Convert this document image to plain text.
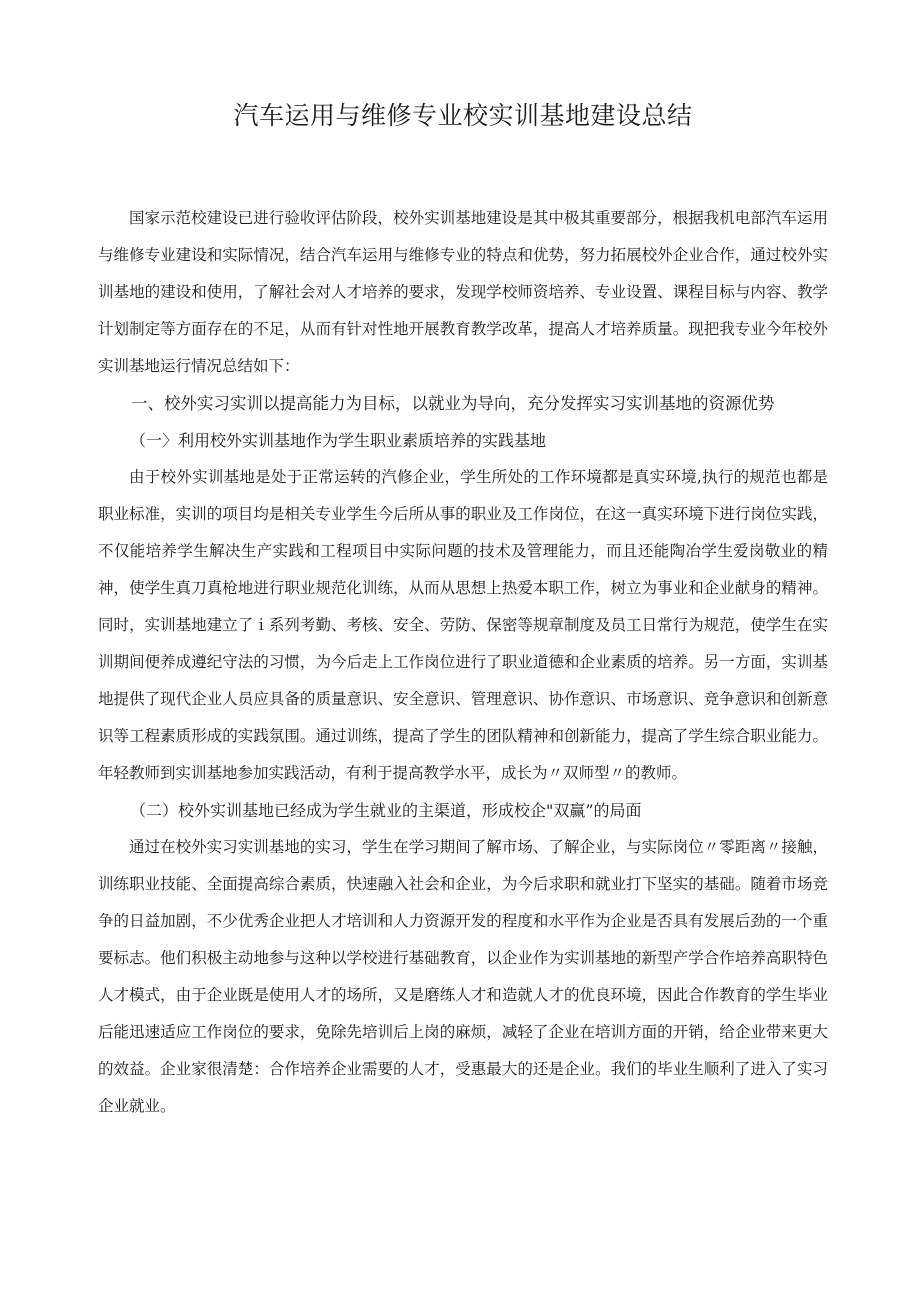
汽车运用与维修专业校实训基地建设总结

国家示范校建设已进行验收评估阶段，校外实训基地建设是其中极其重要部分，根据我机电部汽车运用与维修专业建设和实际情况，结合汽车运用与维修专业的特点和优势，努力拓展校外企业合作，通过校外实训基地的建设和使用，了解社会对人才培养的要求，发现学校师资培养、专业设置、课程目标与内容、教学计划制定等方面存在的不足，从而有针对性地开展教育教学改革，提高人才培养质量。现把我专业今年校外实训基地运行情况总结如下：

一、校外实习实训以提高能力为目标，以就业为导向，充分发挥实习实训基地的资源优势

（一〉利用校外实训基地作为学生职业素质培养的实践基地

由于校外实训基地是处于正常运转的汽修企业，学生所处的工作环境都是真实环境,执行的规范也都是职业标准，实训的项目均是相关专业学生今后所从事的职业及工作岗位，在这一真实环境下进行岗位实践，不仅能培养学生解决生产实践和工程项目中实际问题的技术及管理能力，而且还能陶冶学生爱岗敬业的精神，使学生真刀真枪地进行职业规范化训练，从而从思想上热爱本职工作，树立为事业和企业献身的精神。同时，实训基地建立了ｉ系列考勤、考核、安全、劳防、保密等规章制度及员工日常行为规范，使学生在实训期间便养成遵纪守法的习惯，为今后走上工作岗位进行了职业道德和企业素质的培养。另一方面，实训基地提供了现代企业人员应具备的质量意识、安全意识、管理意识、协作意识、市场意识、竞争意识和创新意识等工程素质形成的实践氛围。通过训练，提高了学生的团队精神和创新能力，提高了学生综合职业能力。年轻教师到实训基地参加实践活动，有利于提高教学水平，成长为〃双师型〃的教师。

（二）校外实训基地已经成为学生就业的主渠道，形成校企"双赢”的局面

通过在校外实习实训基地的实习，学生在学习期间了解市场、了解企业，与实际岗位〃零距离〃接触，训练职业技能、全面提高综合素质，快速融入社会和企业，为今后求职和就业打下坚实的基础。随着市场竞争的日益加剧，不少优秀企业把人才培训和人力资源开发的程度和水平作为企业是否具有发展后劲的一个重要标志。他们积极主动地参与这种以学校进行基础教育，以企业作为实训基地的新型产学合作培养高职特色人才模式，由于企业既是使用人才的场所，又是磨练人才和造就人才的优良环境，因此合作教育的学生毕业后能迅速适应工作岗位的要求，免除先培训后上岗的麻烦，减轻了企业在培训方面的开销，给企业带来更大的效益。企业家很清楚：合作培养企业需要的人才，受惠最大的还是企业。我们的毕业生顺利了进入了实习企业就业。
